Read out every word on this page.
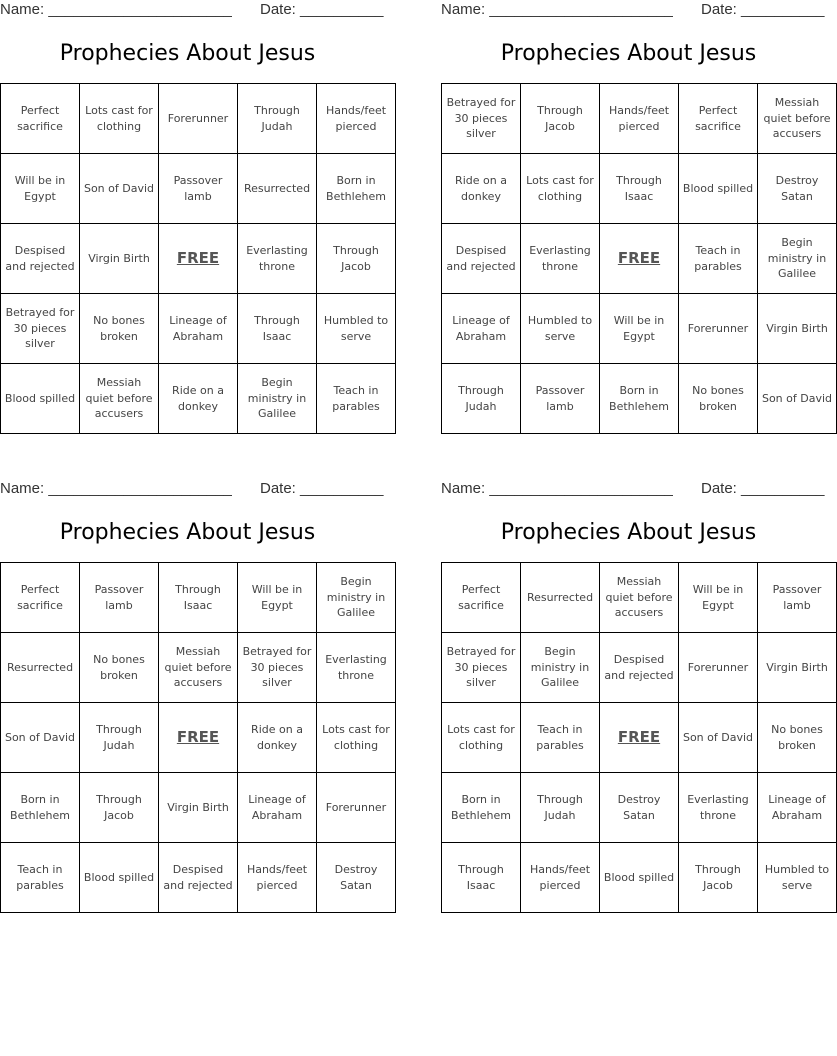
Name: ______________________ Date: __________
Prophecies About Jesus
Perfect sacrifice	Lots cast for clothing	Forerunner	Through Judah	Hands/feet pierced
Will be in Egypt	Son of David	Passover lamb	Resurrected	Born in Bethlehem
Despised and rejected	Virgin Birth	FREE	Everlasting throne	Through Jacob
Betrayed for 30 pieces silver	No bones broken	Lineage of Abraham	Through Isaac	Humbled to serve
Blood spilled	Messiah quiet before accusers	Ride on a donkey	Begin ministry in Galilee	Teach in parables
Name: ______________________ Date: __________
Prophecies About Jesus
Betrayed for 30 pieces silver	Through Jacob	Hands/feet pierced	Perfect sacrifice	Messiah quiet before accusers
Ride on a donkey	Lots cast for clothing	Through Isaac	Blood spilled	Destroy Satan
Despised and rejected	Everlasting throne	FREE	Teach in parables	Begin ministry in Galilee
Lineage of Abraham	Humbled to serve	Will be in Egypt	Forerunner	Virgin Birth
Through Judah	Passover lamb	Born in Bethlehem	No bones broken	Son of David
Name: ______________________ Date: __________
Prophecies About Jesus
Perfect sacrifice	Passover lamb	Through Isaac	Will be in Egypt	Begin ministry in Galilee
Resurrected	No bones broken	Messiah quiet before accusers	Betrayed for 30 pieces silver	Everlasting throne
Son of David	Through Judah	FREE	Ride on a donkey	Lots cast for clothing
Born in Bethlehem	Through Jacob	Virgin Birth	Lineage of Abraham	Forerunner
Teach in parables	Blood spilled	Despised and rejected	Hands/feet pierced	Destroy Satan
Name: ______________________ Date: __________
Prophecies About Jesus
Perfect sacrifice	Resurrected	Messiah quiet before accusers	Will be in Egypt	Passover lamb
Betrayed for 30 pieces silver	Begin ministry in Galilee	Despised and rejected	Forerunner	Virgin Birth
Lots cast for clothing	Teach in parables	FREE	Son of David	No bones broken
Born in Bethlehem	Through Judah	Destroy Satan	Everlasting throne	Lineage of Abraham
Through Isaac	Hands/feet pierced	Blood spilled	Through Jacob	Humbled to serve
